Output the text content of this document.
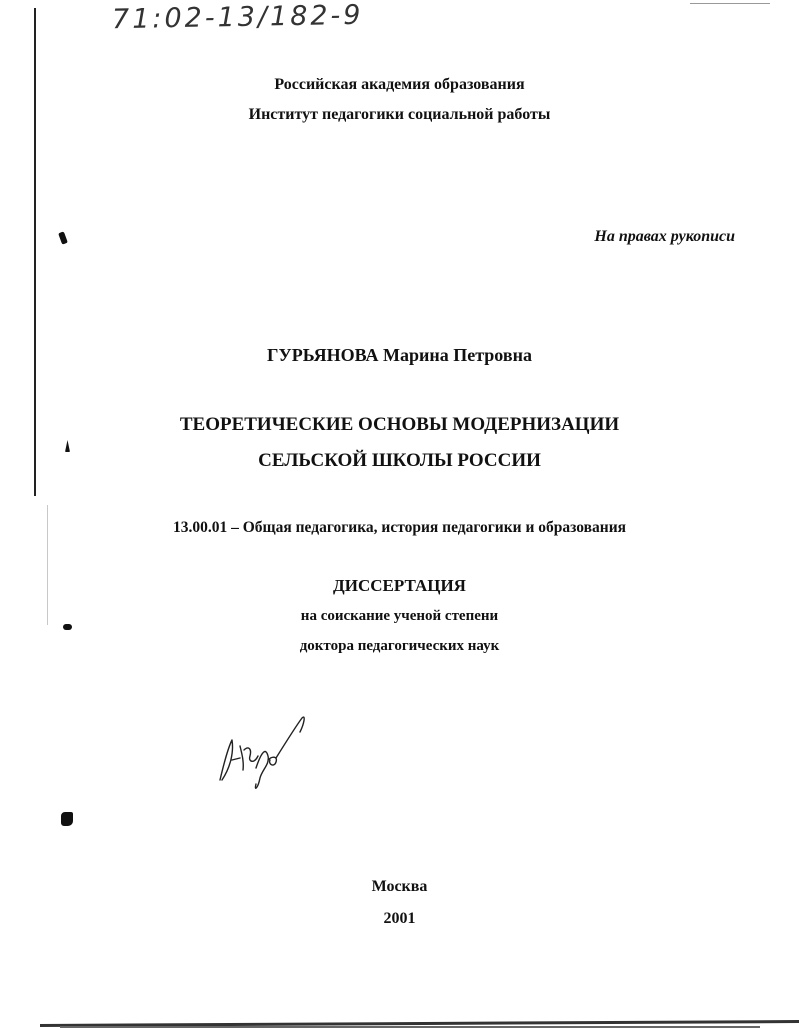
71:02-13/182-9
Российская академия образования
Институт педагогики социальной работы
На правах рукописи
ГУРЬЯНОВА Марина Петровна
ТЕОРЕТИЧЕСКИЕ ОСНОВЫ МОДЕРНИЗАЦИИ
СЕЛЬСКОЙ ШКОЛЫ РОССИИ
13.00.01 – Общая педагогика, история педагогики и образования
ДИССЕРТАЦИЯ
на соискание ученой степени
доктора педагогических наук
Москва
2001
